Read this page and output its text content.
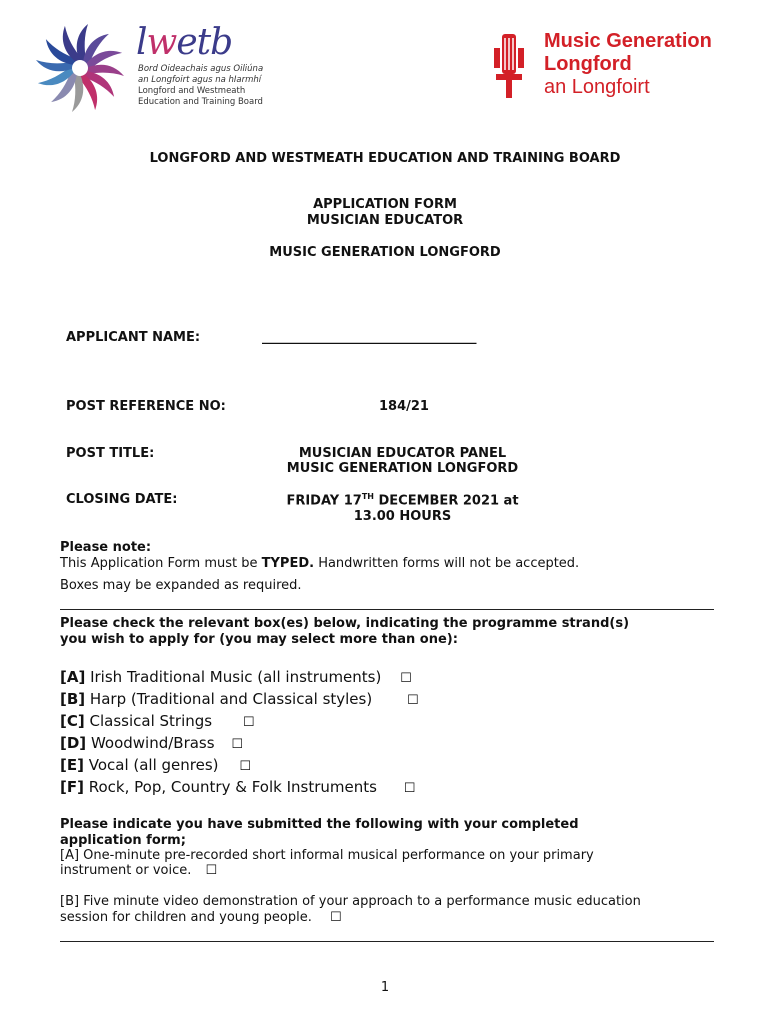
lwetb
Bord Oideachais agus Oiliúna
an Longfoirt agus na hIarmhí
Longford and Westmeath
Education and Training Board
Music Generation
Longford
an Longfoirt
LONGFORD AND WESTMEATH EDUCATION AND TRAINING BOARD
APPLICATION FORM
MUSICIAN EDUCATOR
MUSIC GENERATION LONGFORD
APPLICANT NAME:	_________________________________
POST REFERENCE NO:	184/21
POST TITLE:	MUSICIAN EDUCATOR PANEL
MUSIC GENERATION LONGFORD
CLOSING DATE:	FRIDAY 17TH DECEMBER 2021 at
13.00 HOURS
Please note:
This Application Form must be TYPED. Handwritten forms will not be accepted.
Boxes may be expanded as required.
Please check the relevant box(es) below, indicating the programme strand(s)
you wish to apply for (you may select more than one):
[A] Irish Traditional Music (all instruments) ☐
[B] Harp (Traditional and Classical styles)	☐
[C] Classical Strings ☐
[D] Woodwind/Brass ☐
[E] Vocal (all genres) ☐
[F] Rock, Pop, Country & Folk Instruments ☐
Please indicate you have submitted the following with your completed
application form;
[A] One-minute pre-recorded short informal musical performance on your primary
instrument or voice. ☐
[B] Five minute video demonstration of your approach to a performance music education
session for children and young people. ☐
1
